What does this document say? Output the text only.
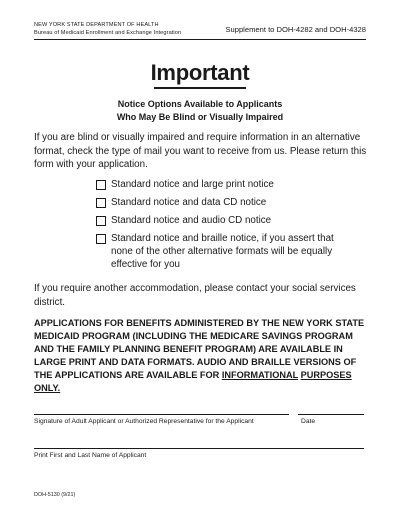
NEW YORK STATE DEPARTMENT OF HEALTH
Bureau of Medicaid Enrollment and Exchange Integration	Supplement to DOH-4282 and DOH-4328
Important
Notice Options Available to Applicants
Who May Be Blind or Visually Impaired
If you are blind or visually impaired and require information in an alternative format, check the type of mail you want to receive from us. Please return this form with your application.
Standard notice and large print notice
Standard notice and data CD notice
Standard notice and audio CD notice
Standard notice and braille notice, if you assert that none of the other alternative formats will be equally effective for you
If you require another accommodation, please contact your social services district.
APPLICATIONS FOR BENEFITS ADMINISTERED BY THE NEW YORK STATE MEDICAID PROGRAM (INCLUDING THE MEDICARE SAVINGS PROGRAM AND THE FAMILY PLANNING BENEFIT PROGRAM) ARE AVAILABLE IN LARGE PRINT AND DATA FORMATS. AUDIO AND BRAILLE VERSIONS OF THE APPLICATIONS ARE AVAILABLE FOR INFORMATIONAL PURPOSES ONLY.
Signature of Adult Applicant or Authorized Representative for the Applicant	Date
Print First and Last Name of Applicant
DOH-5130 (9/21)
